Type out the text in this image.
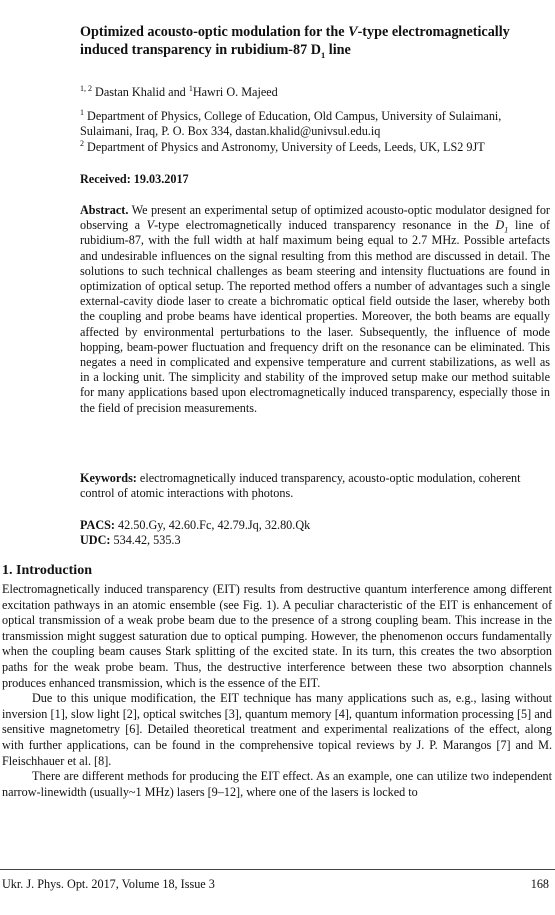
Optimized acousto-optic modulation for the V-type electromagnetically induced transparency in rubidium-87 $D_1$ line
$^{1, 2}$ Dastan Khalid and $^1$Hawri O. Majeed
$^1$ Department of Physics, College of Education, Old Campus, University of Sulaimani, Sulaimani, Iraq, P. O. Box 334, dastan.khalid@univsul.edu.iq
$^2$ Department of Physics and Astronomy, University of Leeds, Leeds, UK, LS2 9JT
Received: 19.03.2017
Abstract. We present an experimental setup of optimized acousto-optic modulator designed for observing a V-type electromagnetically induced transparency resonance in the $D_1$ line of rubidium-87, with the full width at half maximum being equal to 2.7 MHz. Possible artefacts and undesirable influences on the signal resulting from this method are discussed in detail. The solutions to such technical challenges as beam steering and intensity fluctuations are found in optimization of optical setup. The reported method offers a number of advantages such a single external-cavity diode laser to create a bichromatic optical field outside the laser, whereby both the coupling and probe beams have identical properties. Moreover, the both beams are equally affected by environmental perturbations to the laser. Subsequently, the influence of mode hopping, beam-power fluctuation and frequency drift on the resonance can be eliminated. This negates a need in complicated and expensive temperature and current stabilizations, as well as in a locking unit. The simplicity and stability of the improved setup make our method suitable for many applications based upon electromagnetically induced transparency, especially those in the field of precision measurements.
Keywords: electromagnetically induced transparency, acousto-optic modulation, coherent control of atomic interactions with photons.
PACS: 42.50.Gy, 42.60.Fc, 42.79.Jq, 32.80.Qk
UDC: 534.42, 535.3
1. Introduction

Electromagnetically induced transparency (EIT) results from destructive quantum interference among different excitation pathways in an atomic ensemble (see Fig. 1). A peculiar characteristic of the EIT is enhancement of optical transmission of a weak probe beam due to the presence of a strong coupling beam. This increase in the transmission might suggest saturation due to optical pumping. However, the phenomenon occurs fundamentally when the coupling beam causes Stark splitting of the excited state. In its turn, this creates the two absorption paths for the weak probe beam. Thus, the destructive interference between these two absorption channels produces enhanced transmission, which is the essence of the EIT.

Due to this unique modification, the EIT technique has many applications such as, e.g., lasing without inversion [1], slow light [2], optical switches [3], quantum memory [4], quantum information processing [5] and sensitive magnetometry [6]. Detailed theoretical treatment and experimental realizations of the effect, along with further applications, can be found in the comprehensive topical reviews by J. P. Marangos [7] and M. Fleischhauer et al. [8].

There are different methods for producing the EIT effect. As an example, one can utilize two independent narrow-linewidth (usually~1 MHz) lasers [9–12], where one of the lasers is locked to

Ukr. J. Phys. Opt. 2017, Volume 18, Issue 3	168
